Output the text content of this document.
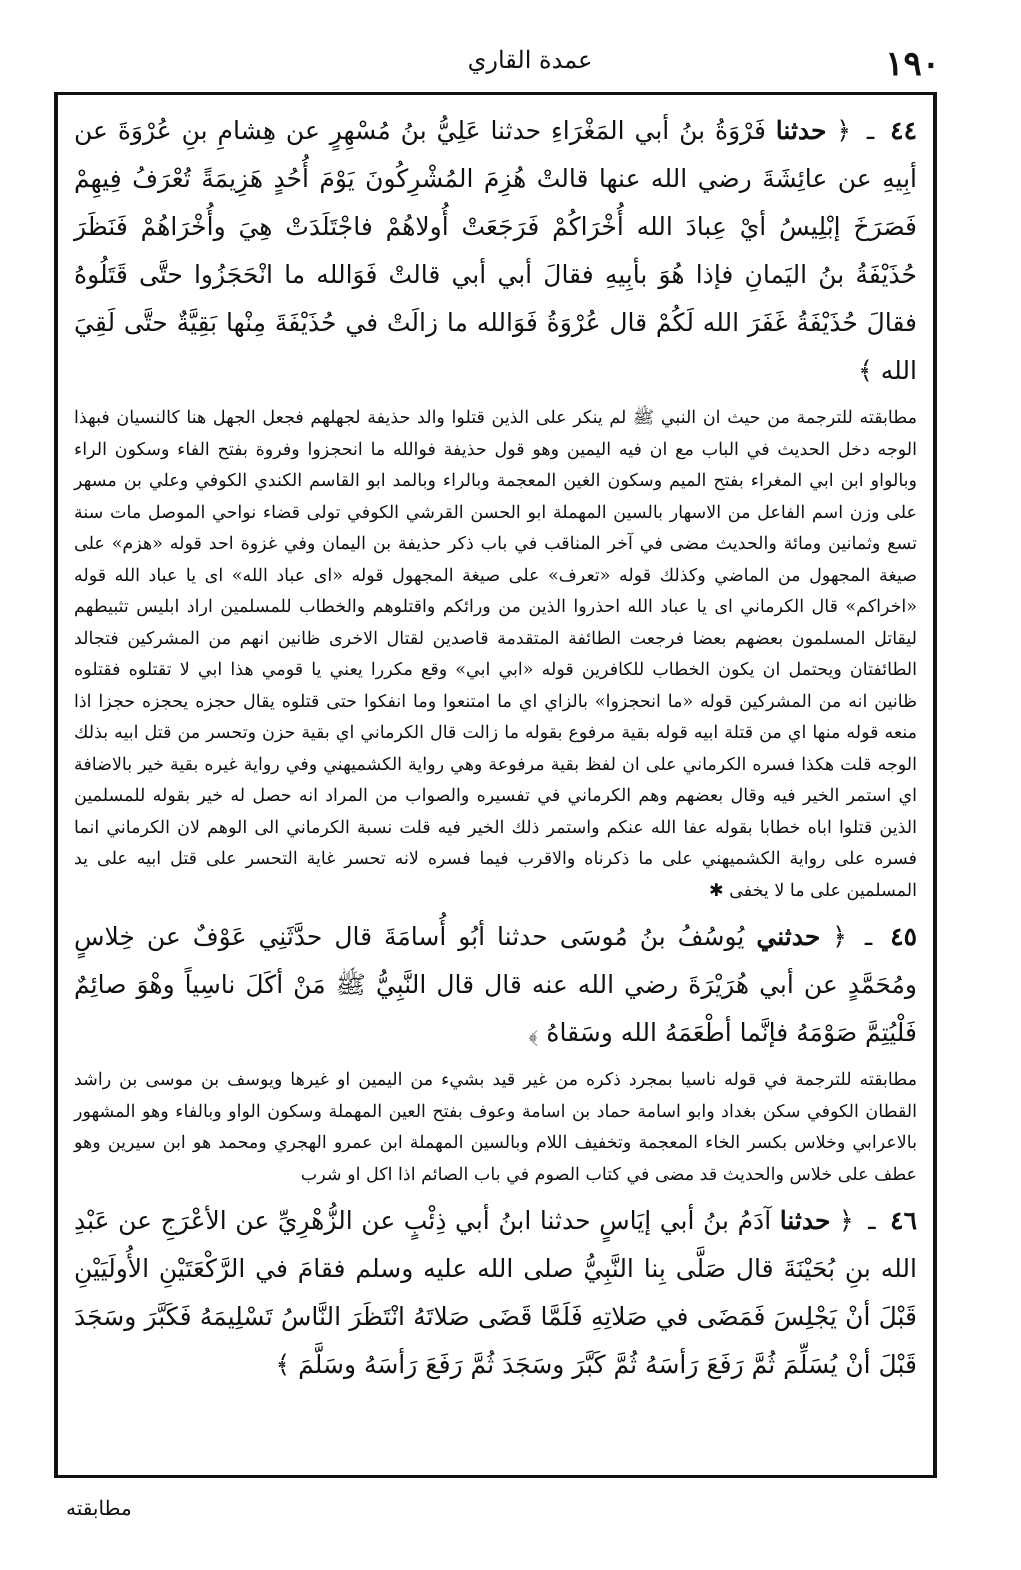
١٩٠
عمدة القاري

٤٤ ـ ﴿ حدثنا فَرْوَةُ بنُ أبي المَغْرَاءِ حدثنا عَلِيُّ بنُ مُسْهِرٍ عن هِشامِ بنِ عُرْوَةَ عن أبِيهِ عن عائِشَةَ رضي الله عنها قالتْ هُزِمَ المُشْرِكُونَ يَوْمَ أُحُدٍ هَزِيمَةً تُعْرَفُ فِيهِمْ فَصَرَخَ إبْلِيسُ أيْ عِبادَ الله أُخْرَاكُمْ فَرَجَعَتْ أُولاهُمْ فاجْتَلَدَتْ هِيَ وأُخْرَاهُمْ فَنَظَرَ حُذَيْفَةُ بنُ اليَمانِ فإذا هُوَ بأبِيهِ فقالَ أبي أبي قالتْ فَوَالله ما انْحَجَزُوا حتَّى قَتَلُوهُ فقالَ حُذَيْفَةُ غَفَرَ الله لَكُمْ قال عُرْوَةُ فَوَالله ما زالَتْ في حُذَيْفَةَ مِنْها بَقِيَّةٌ حتَّى لَقِيَ الله ﴾

مطابقته للترجمة من حيث ان النبي ﷺ لم ينكر على الذين قتلوا والد حذيفة لجهلهم فجعل الجهل هنا كالنسيان فبهذا الوجه دخل الحديث في الباب مع ان فيه اليمين وهو قول حذيفة فوالله ما انحجزوا وفروة بفتح الفاء وسكون الراء وبالواو ابن ابي المغراء بفتح الميم وسكون الغين المعجمة وبالراء وبالمد ابو القاسم الكندي الكوفي وعلي بن مسهر على وزن اسم الفاعل من الاسهار بالسين المهملة ابو الحسن القرشي الكوفي تولى قضاء نواحي الموصل مات سنة تسع وثمانين ومائة والحديث مضى في آخر المناقب في باب ذكر حذيفة بن اليمان وفي غزوة احد قوله «هزم» على صيغة المجهول من الماضي وكذلك قوله «تعرف» على صيغة المجهول قوله «اى عباد الله» اى يا عباد الله قوله «اخراكم» قال الكرماني اى يا عباد الله احذروا الذين من ورائكم واقتلوهم والخطاب للمسلمين اراد ابليس تثبيطهم ليقاتل المسلمون بعضهم بعضا فرجعت الطائفة المتقدمة قاصدين لقتال الاخرى ظانين انهم من المشركين فتجالد الطائفتان ويحتمل ان يكون الخطاب للكافرين قوله «ابي ابي» وقع مكررا يعني يا قومي هذا ابي لا تقتلوه فقتلوه ظانين انه من المشركين قوله «ما انحجزوا» بالزاي اي ما امتنعوا وما انفكوا حتى قتلوه يقال حجزه يحجزه حجزا اذا منعه قوله منها اي من قتلة ابيه قوله بقية مرفوع بقوله ما زالت قال الكرماني اي بقية حزن وتحسر من قتل ابيه بذلك الوجه قلت هكذا فسره الكرماني على ان لفظ بقية مرفوعة وهي رواية الكشميهني وفي رواية غيره بقية خير بالاضافة اي استمر الخير فيه وقال بعضهم وهم الكرماني في تفسيره والصواب من المراد انه حصل له خير بقوله للمسلمين الذين قتلوا اباه خطابا بقوله عفا الله عنكم واستمر ذلك الخير فيه قلت نسبة الكرماني الى الوهم لان الكرماني انما فسره على رواية الكشميهني على ما ذكرناه والاقرب فيما فسره لانه تحسر غاية التحسر على قتل ابيه على يد المسلمين على ما لا يخفى ✱

٤٥ ـ ﴿ حدثني يُوسُفُ بنُ مُوسَى حدثنا أبُو أُسامَةَ قال حدَّثَنِي عَوْفٌ عن خِلاسٍ ومُحَمَّدٍ عن أبي هُرَيْرَةَ رضي الله عنه قال قال النَّبِيُّ ﷺ مَنْ أكَلَ ناسِياً وهْوَ صائِمٌ فَلْيُتِمَّ صَوْمَهُ فإنَّما أطْعَمَهُ الله وسَقاهُ ﴾

مطابقته للترجمة في قوله ناسيا بمجرد ذكره من غير قيد بشيء من اليمين او غيرها ويوسف بن موسى بن راشد القطان الكوفي سكن بغداد وابو اسامة حماد بن اسامة وعوف بفتح العين المهملة وسكون الواو وبالفاء وهو المشهور بالاعرابي وخلاس بكسر الخاء المعجمة وتخفيف اللام وبالسين المهملة ابن عمرو الهجري ومحمد هو ابن سيرين وهو عطف على خلاس والحديث قد مضى في كتاب الصوم في باب الصائم اذا اكل او شرب

٤٦ ـ ﴿ حدثنا آدَمُ بنُ أبي إيَاسٍ حدثنا ابنُ أبي ذِئْبٍ عن الزُّهْرِيِّ عن الأعْرَجِ عن عَبْدِ الله بنِ بُحَيْنَةَ قال صَلَّى بِنا النَّبِيُّ صلى الله عليه وسلم فقامَ في الرَّكْعَتَيْنِ الأُولَيَيْنِ قَبْلَ أنْ يَجْلِسَ فَمَضَى في صَلاتِهِ فَلَمَّا قَضَى صَلاتَهُ انْتَظَرَ النَّاسُ تَسْلِيمَهُ فَكَبَّرَ وسَجَدَ قَبْلَ أنْ يُسَلِّمَ ثُمَّ رَفَعَ رَأسَهُ ثُمَّ كَبَّرَ وسَجَدَ ثُمَّ رَفَعَ رَأسَهُ وسَلَّمَ ﴾

مطابقته
